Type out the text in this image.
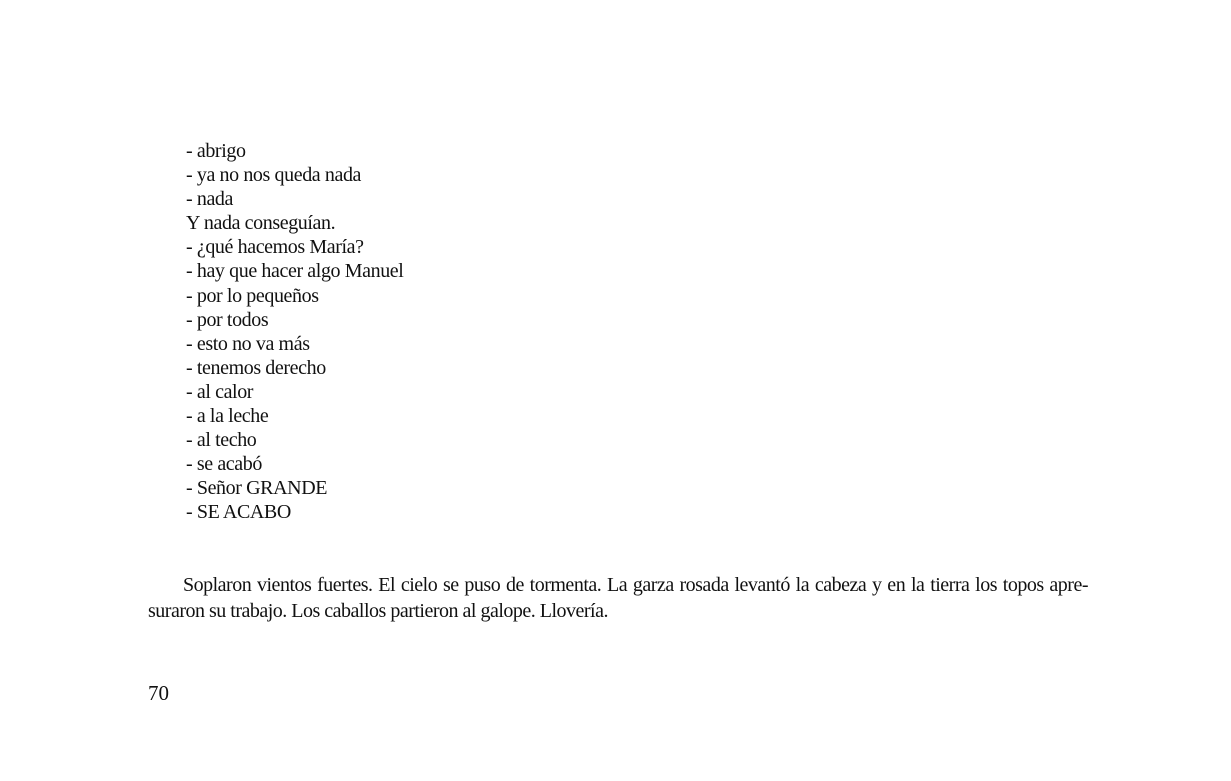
- abrigo
- ya no nos queda nada
- nada
Y nada conseguían.
- ¿qué hacemos María?
- hay que hacer algo Manuel
- por lo pequeños
- por todos
- esto no va más
- tenemos derecho
- al calor
- a la leche
- al techo
- se acabó
- Señor GRANDE
- SE ACABO

Soplaron vientos fuertes. El cielo se puso de tormenta. La garza rosada levantó la cabeza y en la tierra los topos apre-
suraron su trabajo. Los caballos partieron al galope. Llovería.

70
